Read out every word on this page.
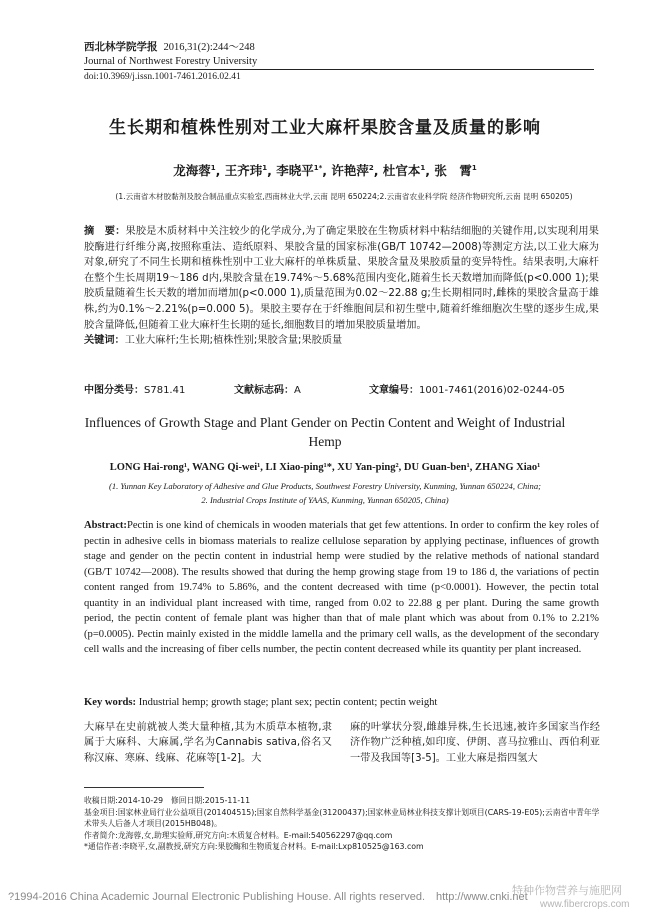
西北林学院学报 2016,31(2):244～248
Journal of Northwest Forestry University
doi:10.3969/j.issn.1001-7461.2016.02.41
生长期和植株性别对工业大麻杆果胶含量及质量的影响
龙海蓉$^1$, 王齐玮$^1$, 李晓平$^{1*}$, 许艳萍$^2$, 杜官本$^1$, 张　霄$^1$
(1.云南省木材胶黏剂及胶合制品重点实验室,西南林业大学,云南 昆明 650224;2.云南省农业科学院 经济作物研究所,云南 昆明 650205)
摘　要：果胶是木质材料中关注较少的化学成分,为了确定果胶在生物质材料中粘结细胞的关键作用,以实现利用果胶酶进行纤维分离,按照称重法、造纸原料、果胶含量的国家标准(GB/T 10742—2008)等测定方法,以工业大麻为对象,研究了不同生长期和植株性别中工业大麻杆的单株质量、果胶含量及果胶质量的变异特性。结果表明,大麻杆在整个生长周期19～186 d内,果胶含量在19.74%～5.68%范围内变化,随着生长天数增加而降低(p<0.000 1);果胶质量随着生长天数的增加而增加(p<0.000 1),质量范围为0.02～22.88 g;生长期相同时,雌株的果胶含量高于雄株,约为0.1%～2.21%(p=0.000 5)。果胶主要存在于纤维胞间层和初生壁中,随着纤维细胞次生壁的逐步生成,果胶含量降低,但随着工业大麻杆生长期的延长,细胞数目的增加果胶质量增加。
关键词：工业大麻杆;生长期;植株性别;果胶含量;果胶质量
中图分类号：S781.41	文献标志码：A	文章编号：1001-7461(2016)02-0244-05
Influences of Growth Stage and Plant Gender on Pectin Content and Weight of Industrial Hemp
LONG Hai-rong¹, WANG Qi-wei¹, LI Xiao-ping¹*, XU Yan-ping², DU Guan-ben¹, ZHANG Xiao¹
(1. Yunnan Key Laboratory of Adhesive and Glue Products, Southwest Forestry University, Kunming, Yunnan 650224, China;
2. Industrial Crops Institute of YAAS, Kunming, Yunnan 650205, China)
Abstract:Pectin is one kind of chemicals in wooden materials that get few attentions. In order to confirm the key roles of pectin in adhesive cells in biomass materials to realize cellulose separation by applying pectinase, influences of growth stage and gender on the pectin content in industrial hemp were studied by the relative methods of national standard (GB/T 10742—2008). The results showed that during the hemp growing stage from 19 to 186 d, the variations of pectin content ranged from 19.74% to 5.86%, and the content decreased with time (p<0.0001). However, the pectin total quantity in an individual plant increased with time, ranged from 0.02 to 22.88 g per plant. During the same growth period, the pectin content of female plant was higher than that of male plant which was about from 0.1% to 2.21% (p=0.0005). Pectin mainly existed in the middle lamella and the primary cell walls, as the development of the secondary cell walls and the increasing of fiber cells number, the pectin content decreased while its quantity per plant increased.
Key words: Industrial hemp; growth stage; plant sex; pectin content; pectin weight
大麻早在史前就被人类大量种植,其为木质草本植物,隶属于大麻科、大麻属,学名为Cannabis sativa,俗名又称汉麻、寒麻、线麻、花麻等[1-2]。大
麻的叶掌状分裂,雌雄异株,生长迅速,被许多国家当作经济作物广泛种植,如印度、伊朗、喜马拉雅山、西伯利亚一带及我国等[3-5]。工业大麻是指四氢大
收稿日期:2014-10-29　修回日期:2015-11-11
基金项目:国家林业局行业公益项目(201404515);国家自然科学基金(31200437);国家林业局林业科技支撑计划项目(CARS-19-E05);云南省中青年学术带头人后备人才项目(2015HB048)。
作者简介:龙海蓉,女,助理实验师,研究方向:木质复合材料。E-mail:540562297@qq.com
*通信作者:李晓平,女,副教授,研究方向:果胶酶和生物质复合材料。E-mail:Lxp810525@163.com
?1994-2016 China Academic Journal Electronic Publishing House. All rights reserved.　http://www.cnki.net
特种作物营养与施肥网
www.fibercrops.com
